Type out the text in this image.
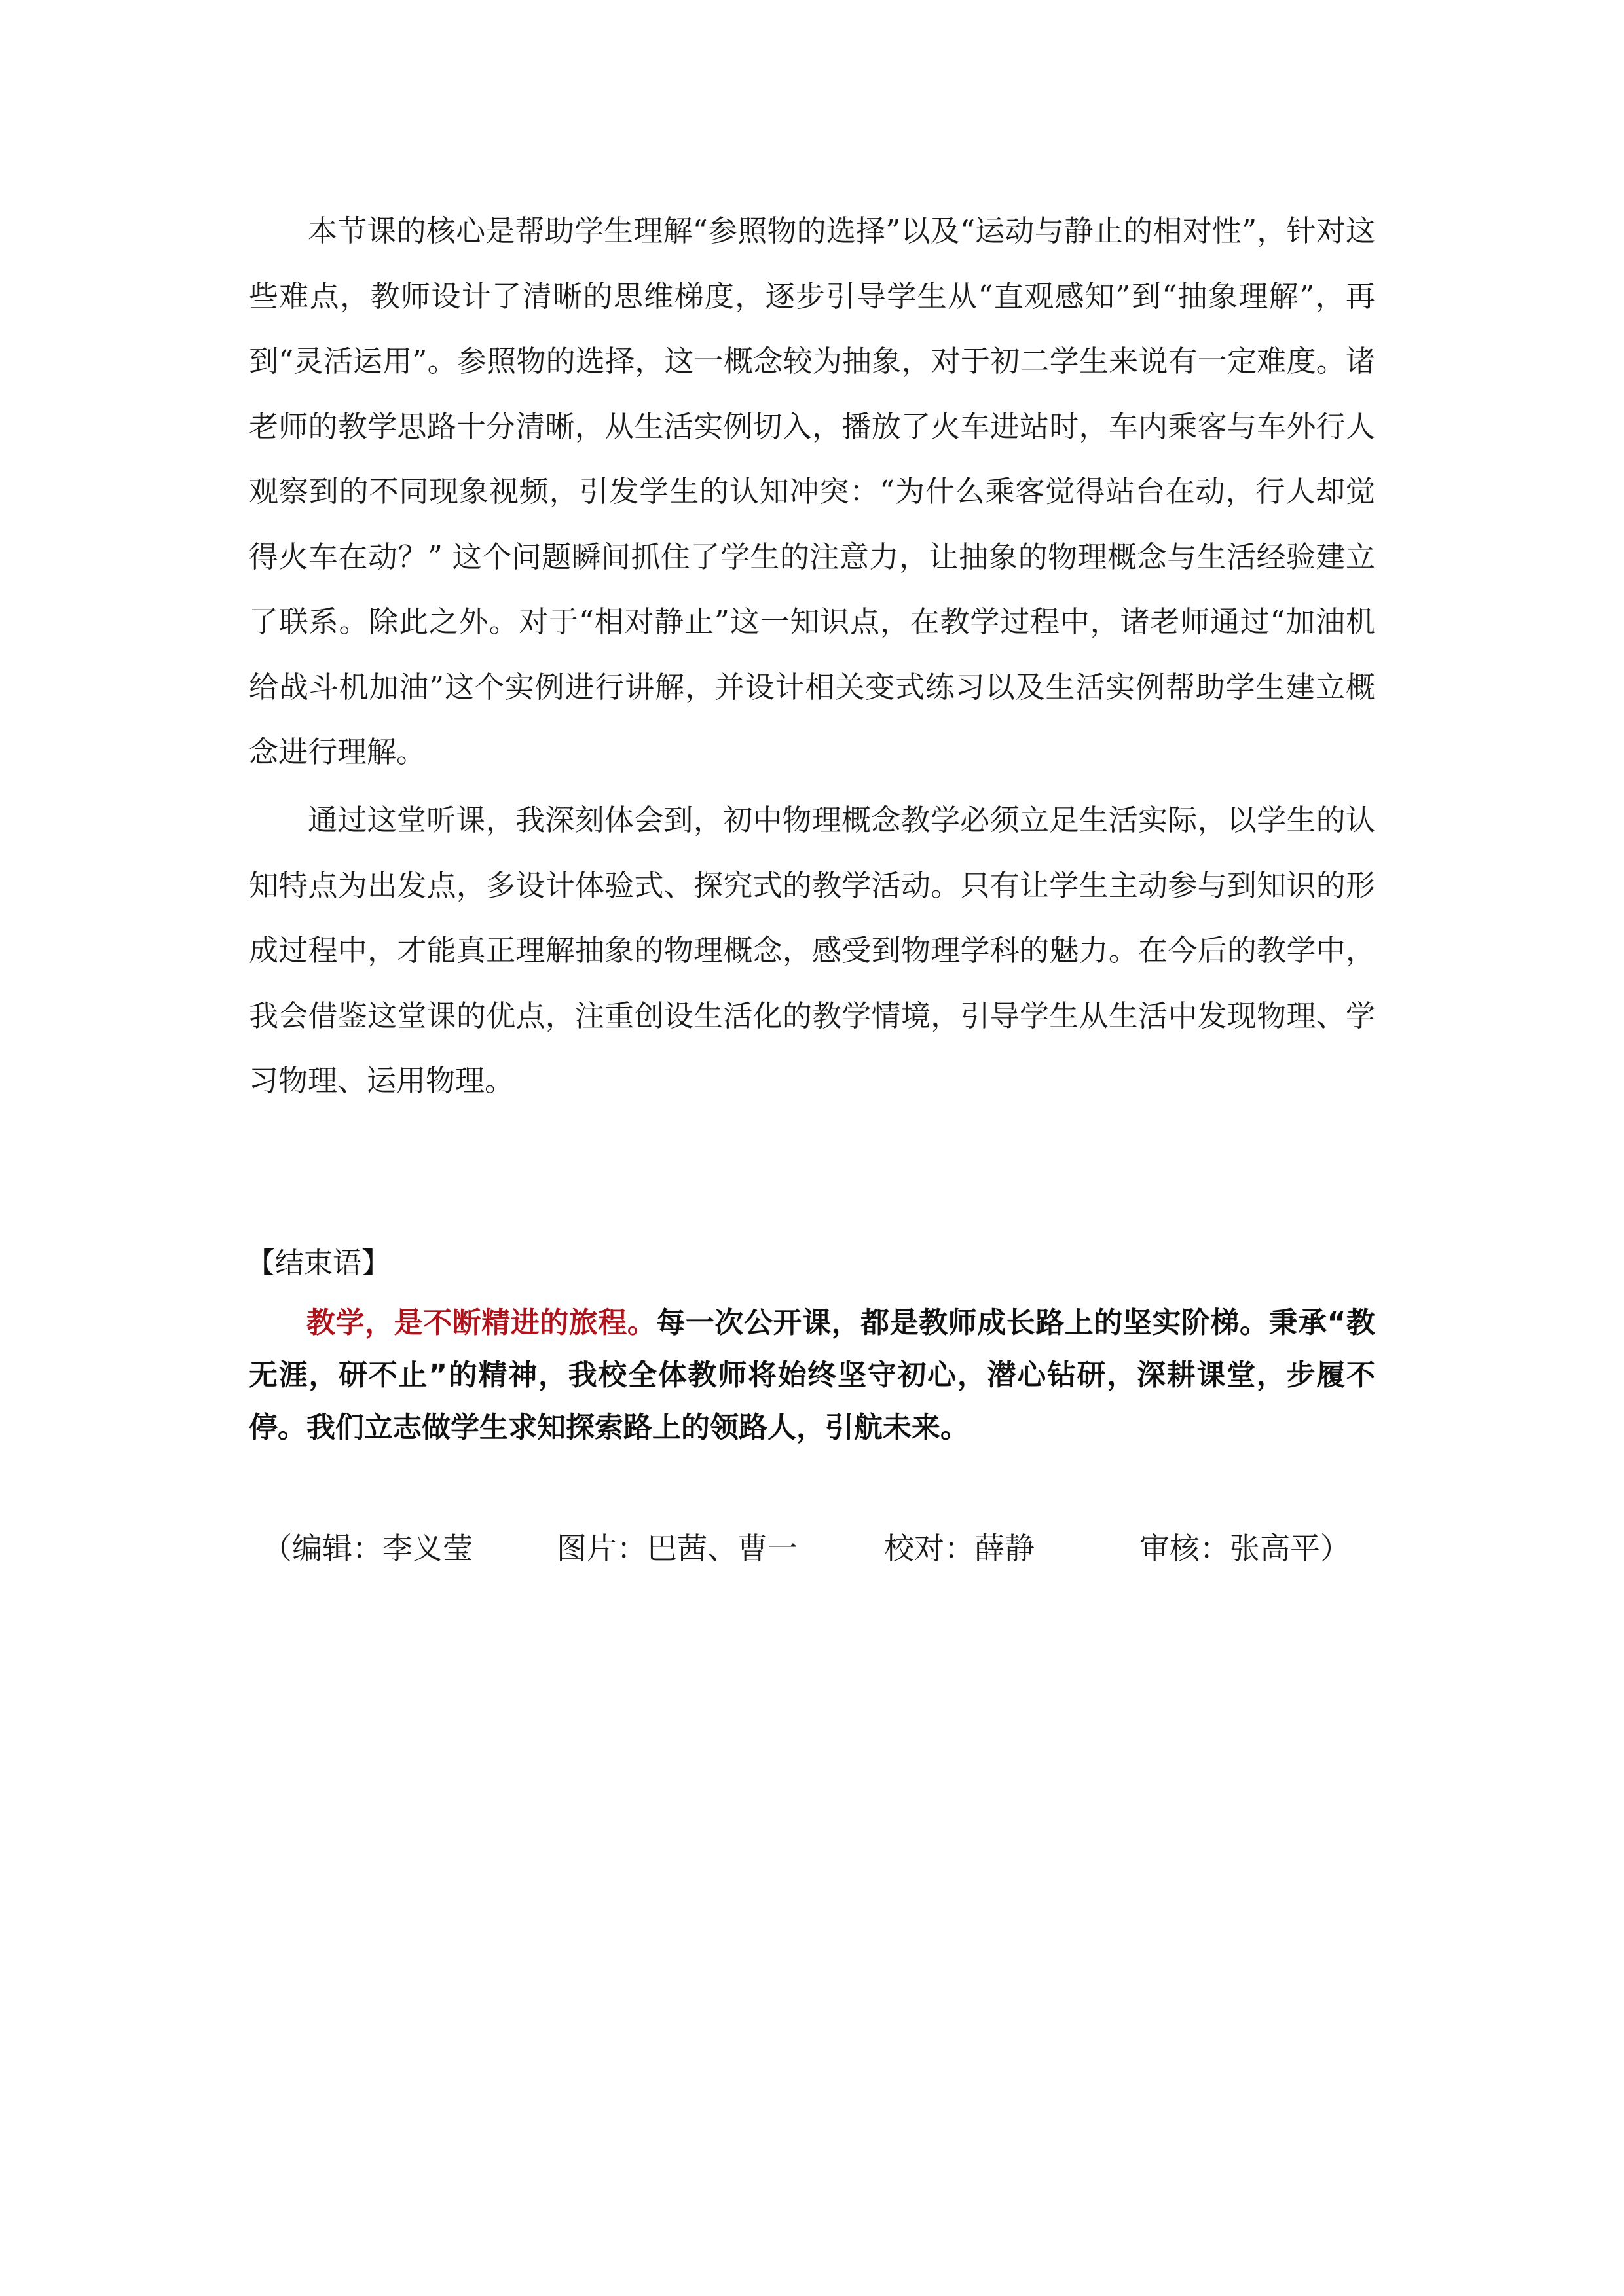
本节课的核心是帮助学生理解“参照物的选择”以及“运动与静止的相对性”，针对这些难点，教师设计了清晰的思维梯度，逐步引导学生从“直观感知”到“抽象理解”，再到“灵活运用”。参照物的选择，这一概念较为抽象，对于初二学生来说有一定难度。诸老师的教学思路十分清晰，从生活实例切入，播放了火车进站时，车内乘客与车外行人观察到的不同现象视频，引发学生的认知冲突：“为什么乘客觉得站台在动，行人却觉得火车在动？” 这个问题瞬间抓住了学生的注意力，让抽象的物理概念与生活经验建立了联系。除此之外。对于“相对静止”这一知识点，在教学过程中，诸老师通过“加油机给战斗机加油”这个实例进行讲解，并设计相关变式练习以及生活实例帮助学生建立概念进行理解。

通过这堂听课，我深刻体会到，初中物理概念教学必须立足生活实际，以学生的认知特点为出发点，多设计体验式、探究式的教学活动。只有让学生主动参与到知识的形成过程中，才能真正理解抽象的物理概念，感受到物理学科的魅力。在今后的教学中，我会借鉴这堂课的优点，注重创设生活化的教学情境，引导学生从生活中发现物理、学习物理、运用物理。

【结束语】

教学，是不断精进的旅程。每一次公开课，都是教师成长路上的坚实阶梯。秉承“教无涯，研不止”的精神，我校全体教师将始终坚守初心，潜心钻研，深耕课堂，步履不停。我们立志做学生求知探索路上的领路人，引航未来。

（编辑：李义莹	图片：巴茜、曹一	校对：薛静	审核：张高平）
